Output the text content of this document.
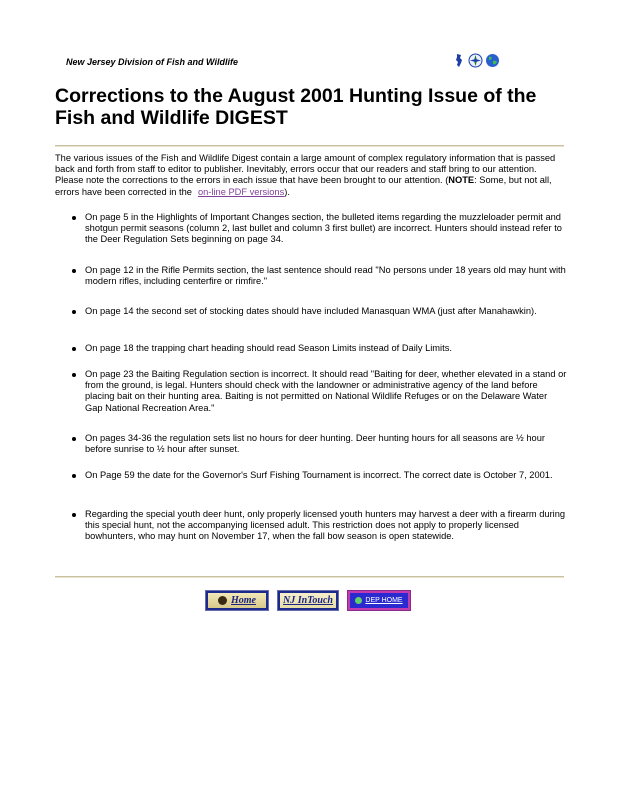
New Jersey Division of Fish and Wildlife
Corrections to the August 2001 Hunting Issue of the Fish and Wildlife DIGEST

The various issues of the Fish and Wildlife Digest contain a large amount of complex regulatory information that is passed back and forth from staff to editor to publisher. Inevitably, errors occur that our readers and staff bring to our attention. Please note the corrections to the errors in each issue that have been brought to our attention. (NOTE: Some, but not all, errors have been corrected in the on-line PDF versions).

On page 5 in the Highlights of Important Changes section, the bulleted items regarding the muzzleloader permit and shotgun permit seasons (column 2, last bullet and column 3 first bullet) are incorrect. Hunters should instead refer to the Deer Regulation Sets beginning on page 34.
On page 12 in the Rifle Permits section, the last sentence should read "No persons under 18 years old may hunt with modern rifles, including centerfire or rimfire."
On page 14 the second set of stocking dates should have included Manasquan WMA (just after Manahawkin).
On page 18 the trapping chart heading should read Season Limits instead of Daily Limits.
On page 23 the Baiting Regulation section is incorrect. It should read "Baiting for deer, whether elevated in a stand or from the ground, is legal. Hunters should check with the landowner or administrative agency of the land before placing bait on their hunting area. Baiting is not permitted on National Wildlife Refuges or on the Delaware Water Gap National Recreation Area."
On pages 34-36 the regulation sets list no hours for deer hunting. Deer hunting hours for all seasons are ½ hour before sunrise to ½ hour after sunset.
On Page 59 the date for the Governor's Surf Fishing Tournament is incorrect. The correct date is October 7, 2001.
Regarding the special youth deer hunt, only properly licensed youth hunters may harvest a deer with a firearm during this special hunt, not the accompanying licensed adult. This restriction does not apply to properly licensed bowhunters, who may hunt on November 17, when the fall bow season is open statewide.
Home	NJ InTouch	DEP HOME
